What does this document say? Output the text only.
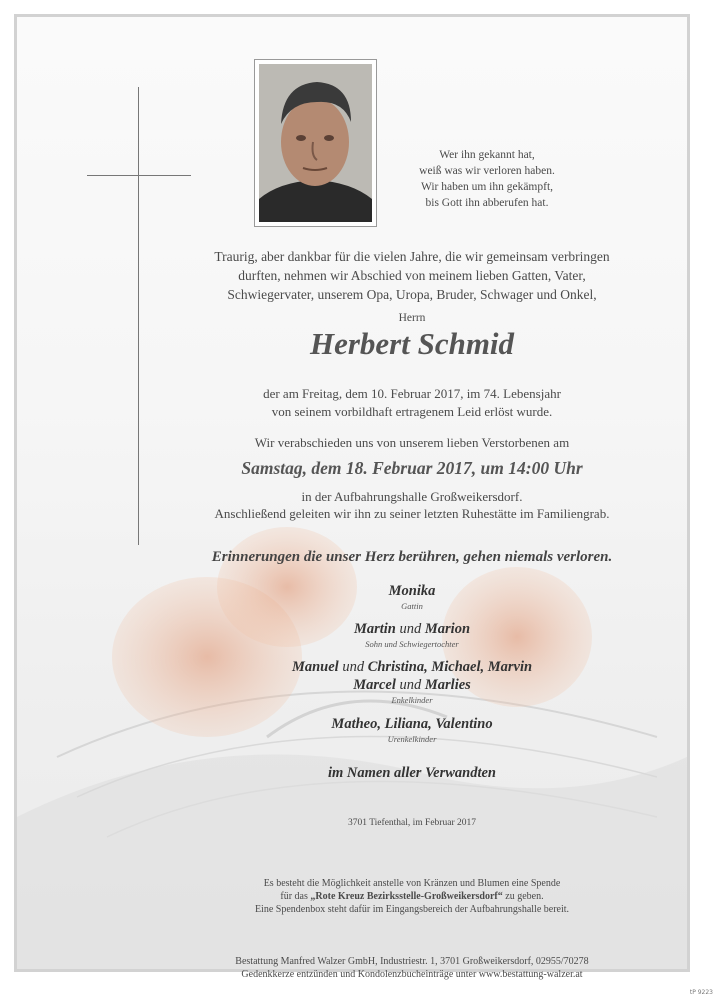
Wer ihn gekannt hat,
weiß was wir verloren haben.
Wir haben um ihn gekämpft,
bis Gott ihn abberufen hat.
Traurig, aber dankbar für die vielen Jahre, die wir gemeinsam verbringen
durften, nehmen wir Abschied von meinem lieben Gatten, Vater,
Schwiegervater, unserem Opa, Uropa, Bruder, Schwager und Onkel,
Herrn
Herbert Schmid
der am Freitag, dem 10. Februar 2017, im 74. Lebensjahr
von seinem vorbildhaft ertragenem Leid erlöst wurde.
Wir verabschieden uns von unserem lieben Verstorbenen am
Samstag, dem 18. Februar 2017, um 14:00 Uhr
in der Aufbahrungshalle Großweikersdorf.
Anschließend geleiten wir ihn zu seiner letzten Ruhestätte im Familiengrab.
Erinnerungen die unser Herz berühren, gehen niemals verloren.
Monika
Gattin
Martin und Marion
Sohn und Schwiegertochter
Manuel und Christina, Michael, Marvin
Marcel und Marlies
Enkelkinder
Matheo, Liliana, Valentino
Urenkelkinder
im Namen aller Verwandten
3701 Tiefenthal, im Februar 2017
Es besteht die Möglichkeit anstelle von Kränzen und Blumen eine Spende
für das „Rote Kreuz Bezirksstelle-Großweikersdorf“ zu geben.
Eine Spendenbox steht dafür im Eingangsbereich der Aufbahrungshalle bereit.
Bestattung Manfred Walzer GmbH, Industriestr. 1, 3701 Großweikersdorf, 02955/70278
Gedenkkerze entzünden und Kondolenzbucheinträge unter www.bestattung-walzer.at
tP 9223
